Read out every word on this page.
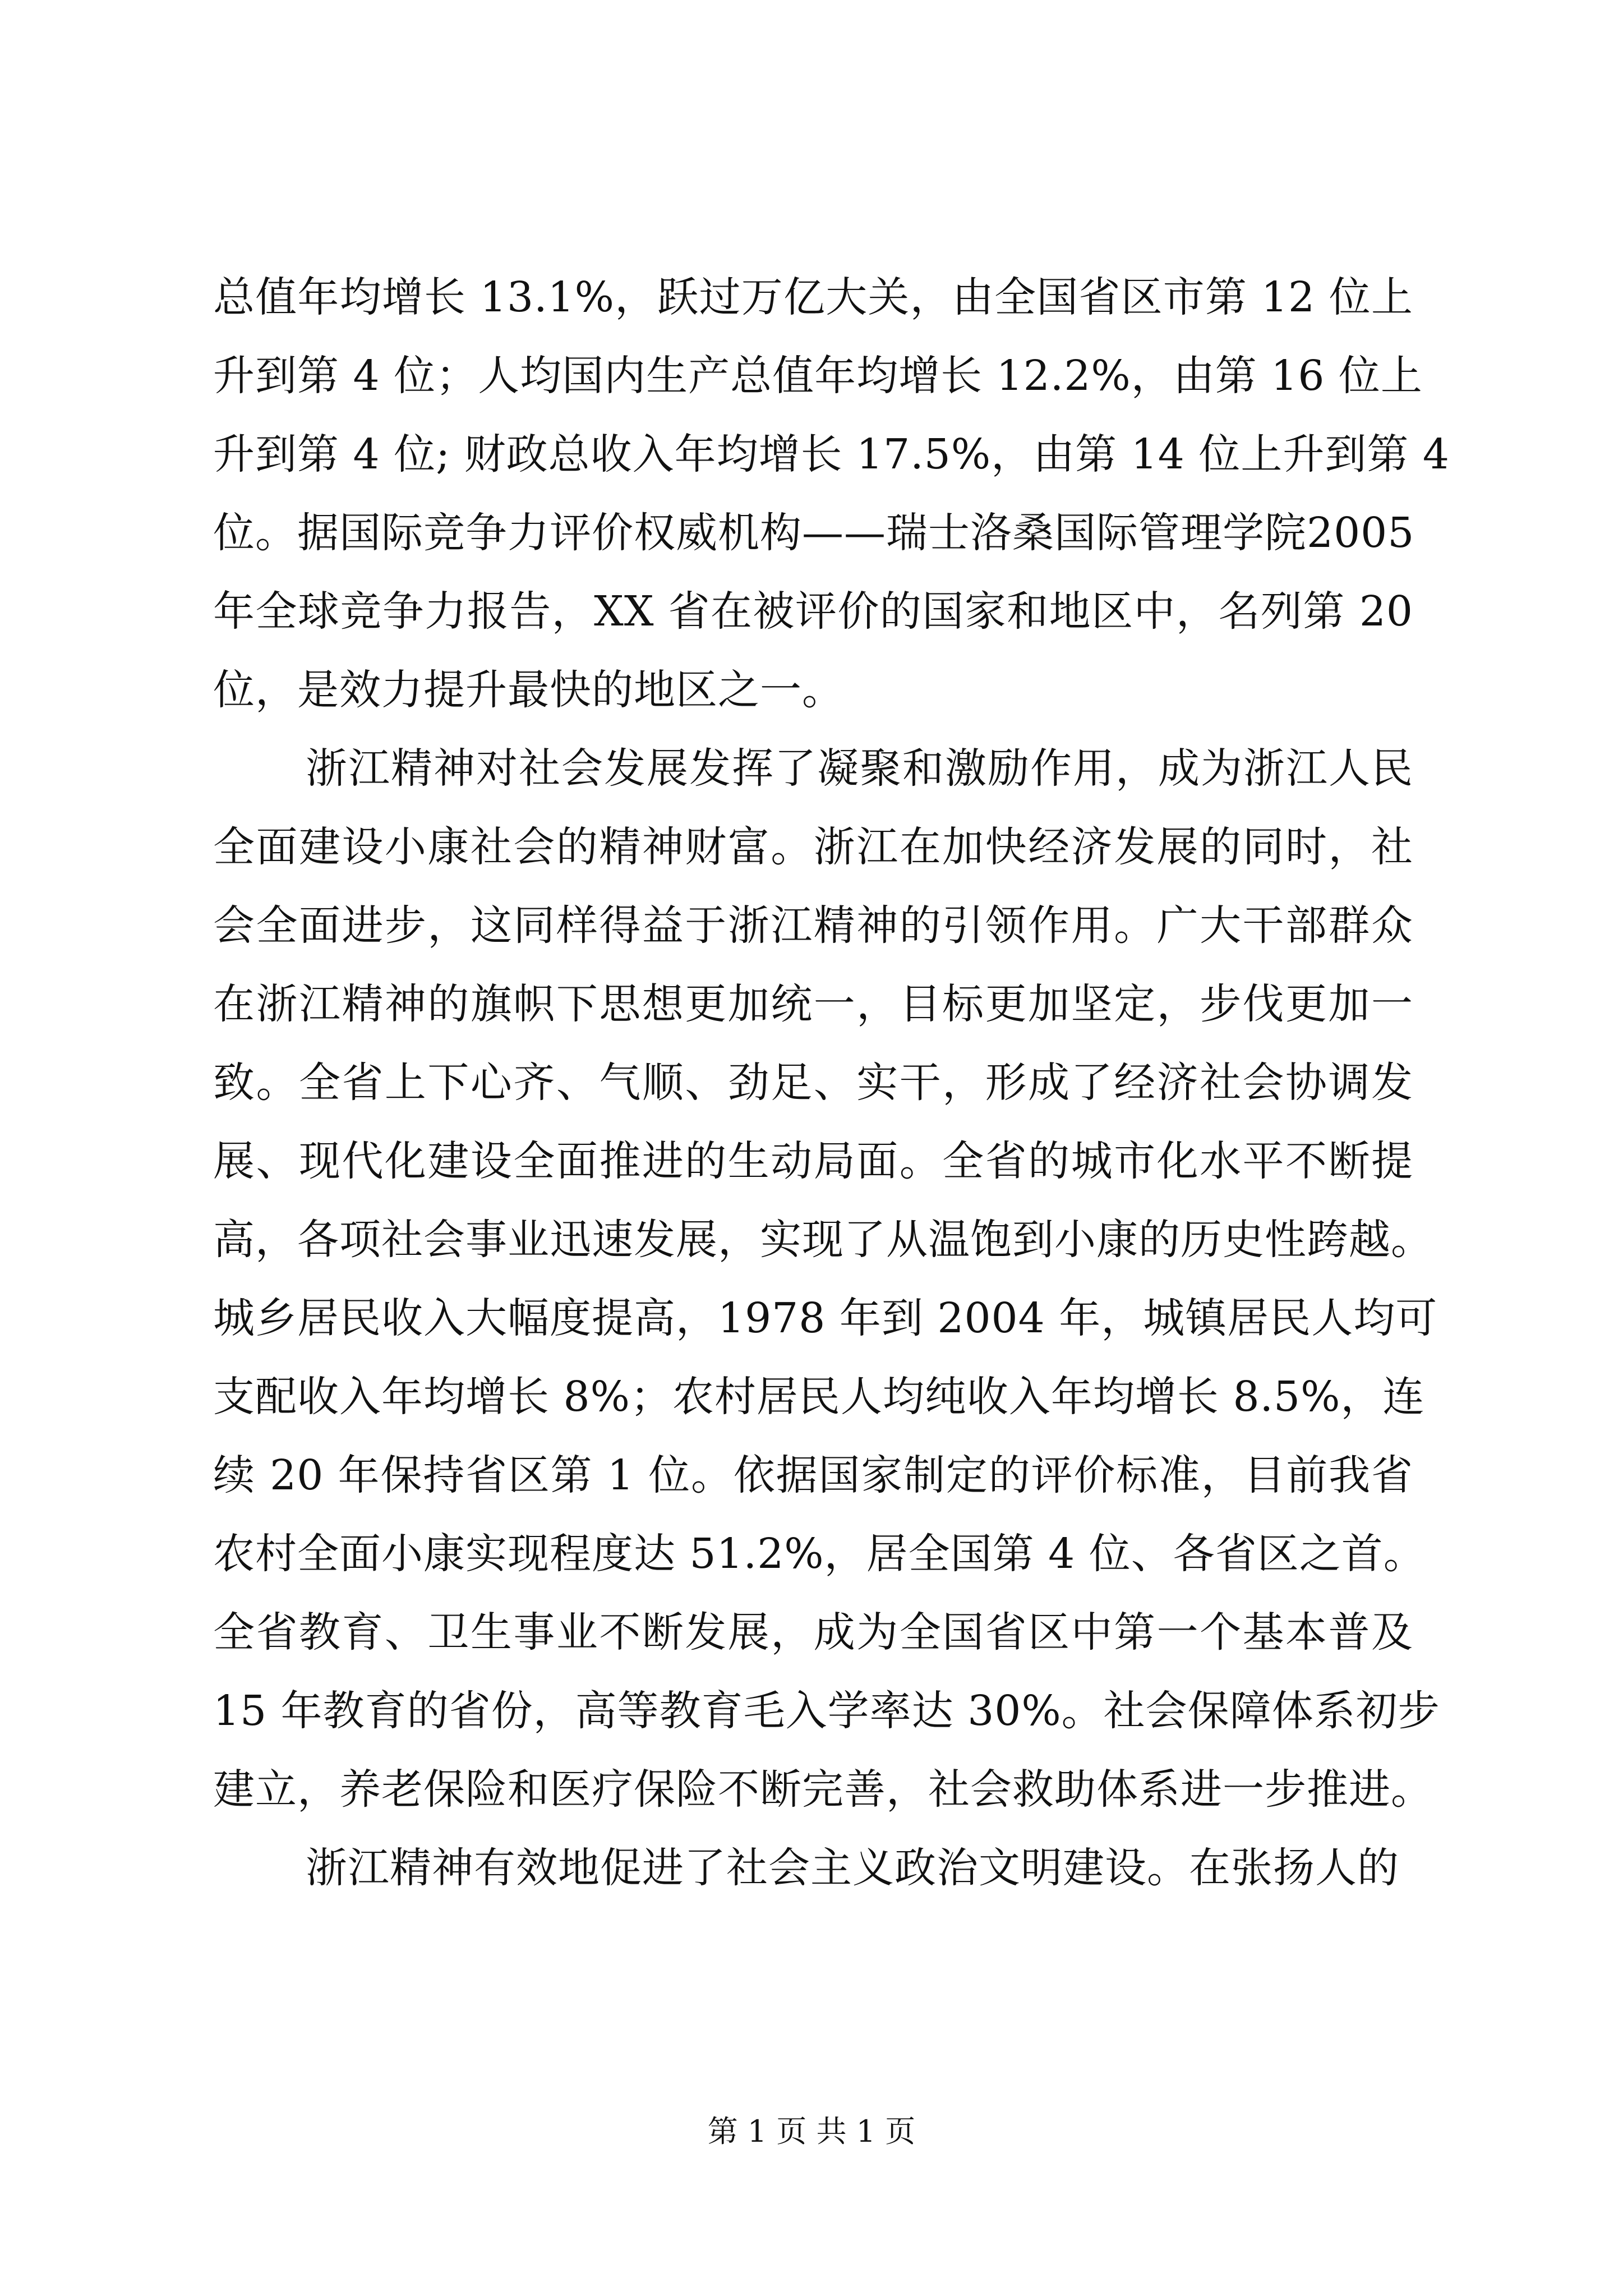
总值年均增长 13.1%，跃过万亿大关，由全国省区市第 12 位上
升到第 4 位；人均国内生产总值年均增长 12.2%，由第 16 位上
升到第 4 位; 财政总收入年均增长 17.5%，由第 14 位上升到第 4
位。据国际竞争力评价权威机构——瑞士洛桑国际管理学院2005
年全球竞争力报告，XX 省在被评价的国家和地区中，名列第 20
位，是效力提升最快的地区之一。
浙江精神对社会发展发挥了凝聚和激励作用，成为浙江人民
全面建设小康社会的精神财富。浙江在加快经济发展的同时，社
会全面进步，这同样得益于浙江精神的引领作用。广大干部群众
在浙江精神的旗帜下思想更加统一，目标更加坚定，步伐更加一
致。全省上下心齐、气顺、劲足、实干，形成了经济社会协调发
展、现代化建设全面推进的生动局面。全省的城市化水平不断提
高，各项社会事业迅速发展，实现了从温饱到小康的历史性跨越。
城乡居民收入大幅度提高，1978 年到 2004 年，城镇居民人均可
支配收入年均增长 8%；农村居民人均纯收入年均增长 8.5%，连
续 20 年保持省区第 1 位。依据国家制定的评价标准，目前我省
农村全面小康实现程度达 51.2%，居全国第 4 位、各省区之首。
全省教育、卫生事业不断发展，成为全国省区中第一个基本普及
15 年教育的省份，高等教育毛入学率达 30%。社会保障体系初步
建立，养老保险和医疗保险不断完善，社会救助体系进一步推进。
浙江精神有效地促进了社会主义政治文明建设。在张扬人的
第 1 页 共 1 页
